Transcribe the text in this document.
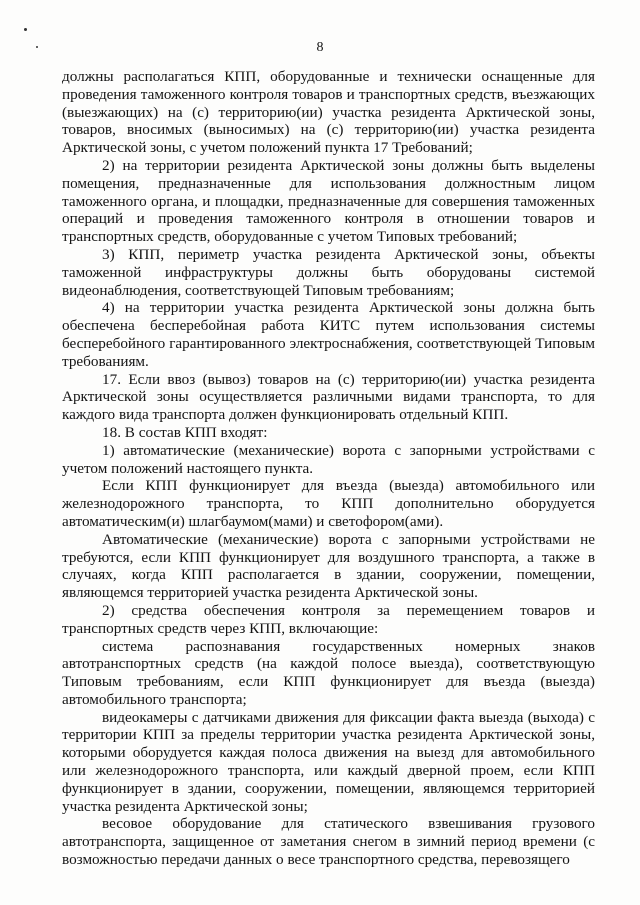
8

должны располагаться КПП, оборудованные и технически оснащенные для проведения таможенного контроля товаров и транспортных средств, въезжающих (выезжающих) на (с) территорию(ии) участка резидента Арктической зоны, товаров, вносимых (выносимых) на (с) территорию(ии) участка резидента Арктической зоны, с учетом положений пункта 17 Требований;

2) на территории резидента Арктической зоны должны быть выделены помещения, предназначенные для использования должностным лицом таможенного органа, и площадки, предназначенные для совершения таможенных операций и проведения таможенного контроля в отношении товаров и транспортных средств, оборудованные с учетом Типовых требований;

3) КПП, периметр участка резидента Арктической зоны, объекты таможенной инфраструктуры должны быть оборудованы системой видеонаблюдения, соответствующей Типовым требованиям;

4) на территории участка резидента Арктической зоны должна быть обеспечена бесперебойная работа КИТС путем использования системы бесперебойного гарантированного электроснабжения, соответствующей Типовым требованиям.

17. Если ввоз (вывоз) товаров на (с) территорию(ии) участка резидента Арктической зоны осуществляется различными видами транспорта, то для каждого вида транспорта должен функционировать отдельный КПП.

18. В состав КПП входят:

1) автоматические (механические) ворота с запорными устройствами с учетом положений настоящего пункта.

Если КПП функционирует для въезда (выезда) автомобильного или железнодорожного транспорта, то КПП дополнительно оборудуется автоматическим(и) шлагбаумом(мами) и светофором(ами).

Автоматические (механические) ворота с запорными устройствами не требуются, если КПП функционирует для воздушного транспорта, а также в случаях, когда КПП располагается в здании, сооружении, помещении, являющемся территорией участка резидента Арктической зоны.

2) средства обеспечения контроля за перемещением товаров и транспортных средств через КПП, включающие:

система распознавания государственных номерных знаков автотранспортных средств (на каждой полосе выезда), соответствующую Типовым требованиям, если КПП функционирует для въезда (выезда) автомобильного транспорта;

видеокамеры с датчиками движения для фиксации факта выезда (выхода) с территории КПП за пределы территории участка резидента Арктической зоны, которыми оборудуется каждая полоса движения на выезд для автомобильного или железнодорожного транспорта, или каждый дверной проем, если КПП функционирует в здании, сооружении, помещении, являющемся территорией участка резидента Арктической зоны;

весовое оборудование для статического взвешивания грузового автотранспорта, защищенное от заметания снегом в зимний период времени (с возможностью передачи данных о весе транспортного средства, перевозящего
